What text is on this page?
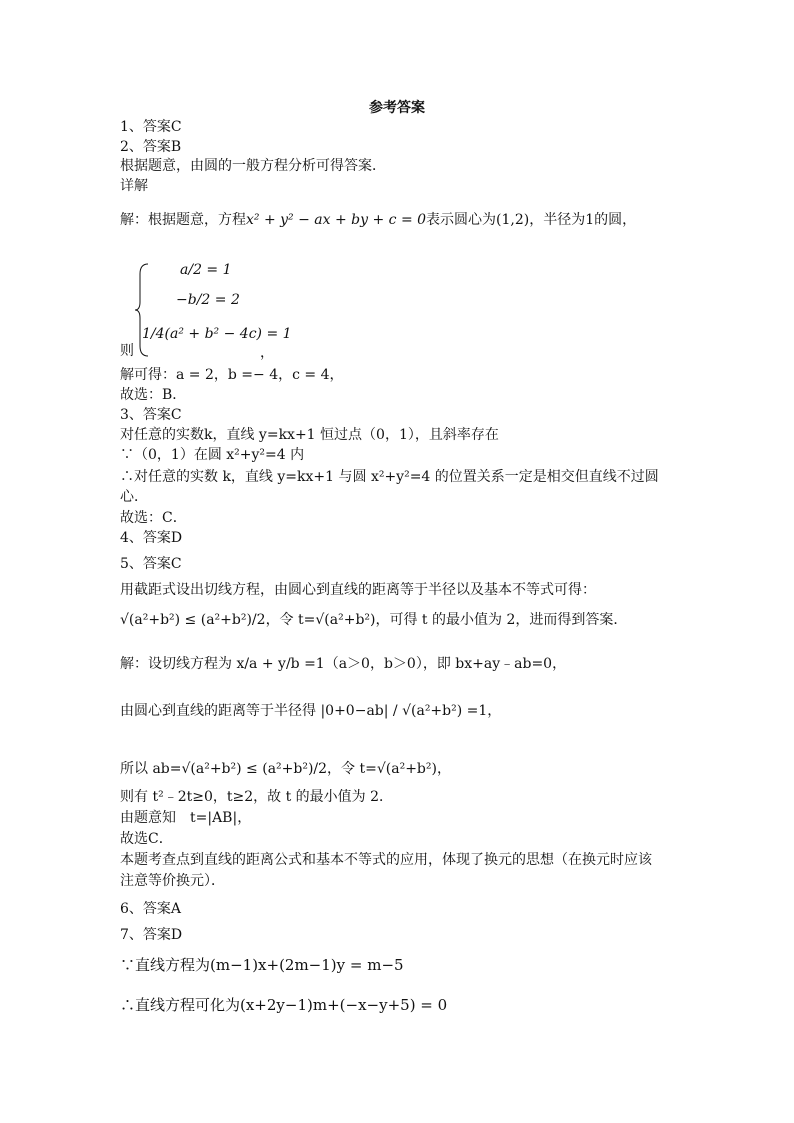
参考答案
1、答案C
2、答案B
根据题意，由圆的一般方程分析可得答案．
详解
解：根据题意，方程x² + y² − ax + by + c = 0表示圆心为(1,2)，半径为1的圆，
a/2 = 1
−b/2 = 2
则
1/4(a² + b² − 4c) = 1
，
解可得：a = 2，b =− 4，c = 4，
故选：B．
3、答案C
对任意的实数k，直线 y=kx+1 恒过点（0，1），且斜率存在
∵（0，1）在圆 x²+y²=4 内
∴对任意的实数 k，直线 y=kx+1 与圆 x²+y²=4 的位置关系一定是相交但直线不过圆
心．
故选：C．
4、答案D
5、答案C
用截距式设出切线方程，由圆心到直线的距离等于半径以及基本不等式可得：
√(a²+b²) ≤ (a²+b²)/2，令 t=√(a²+b²)，可得 t 的最小值为 2，进而得到答案．
解：设切线方程为 x/a + y/b =1（a＞0，b＞0），即 bx+ay﹣ab=0，
由圆心到直线的距离等于半径得 |0+0−ab| / √(a²+b²) =1，
所以 ab=√(a²+b²) ≤ (a²+b²)/2，令 t=√(a²+b²)，
则有 t²﹣2t≥0，t≥2，故 t 的最小值为 2．
由题意知　t=|AB|，
故选C．
本题考查点到直线的距离公式和基本不等式的应用，体现了换元的思想（在换元时应该
注意等价换元）．
6、答案A
7、答案D
∵直线方程为(m−1)x+(2m−1)y = m−5
∴直线方程可化为(x+2y−1)m+(−x−y+5) = 0
